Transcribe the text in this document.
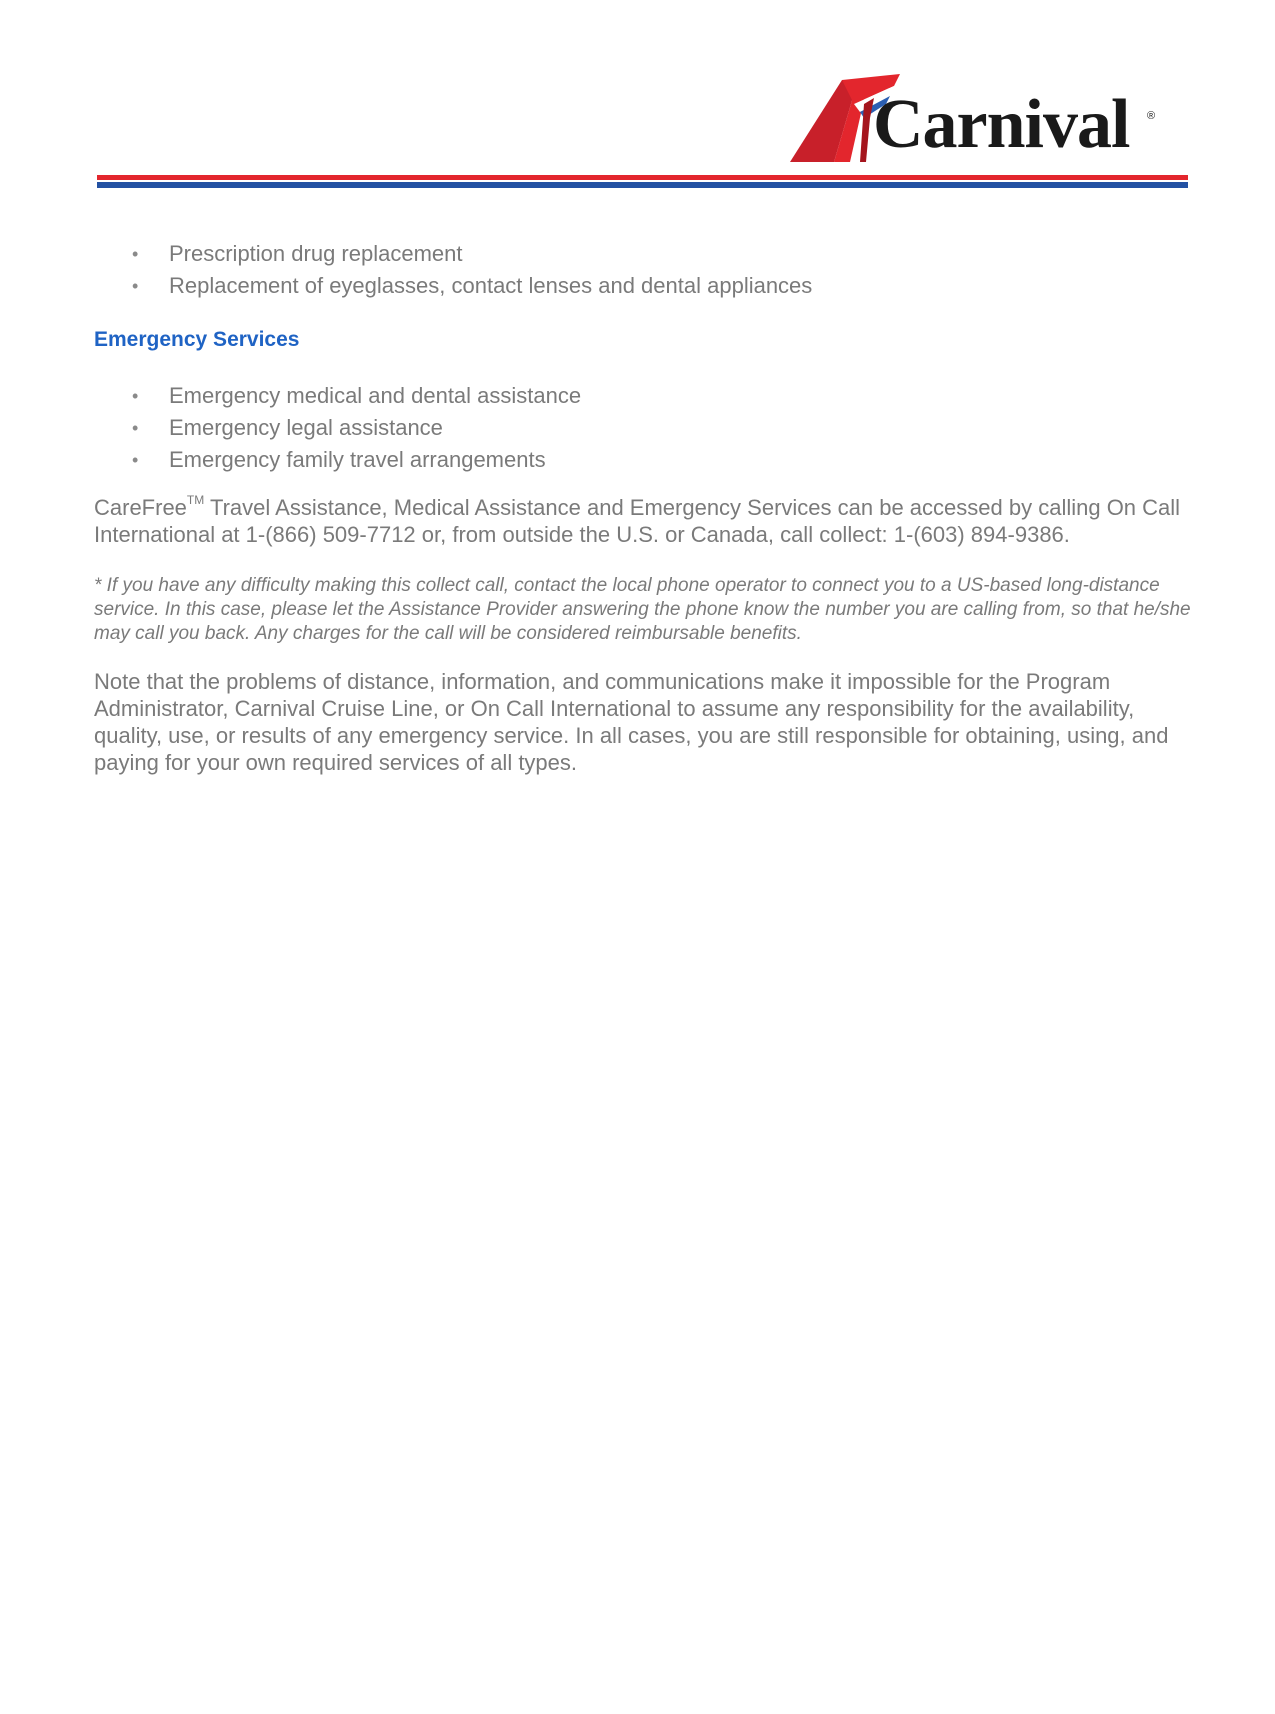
Carnival ®
• Prescription drug replacement
• Replacement of eyeglasses, contact lenses and dental appliances
Emergency Services
• Emergency medical and dental assistance
• Emergency legal assistance
• Emergency family travel arrangements

CareFree™ Travel Assistance, Medical Assistance and Emergency Services can be accessed by calling On Call International at 1-(866) 509-7712 or, from outside the U.S. or Canada, call collect: 1-(603) 894-9386.

* If you have any difficulty making this collect call, contact the local phone operator to connect you to a US-based long-distance service. In this case, please let the Assistance Provider answering the phone know the number you are calling from, so that he/she may call you back. Any charges for the call will be considered reimbursable benefits.

Note that the problems of distance, information, and communications make it impossible for the Program Administrator, Carnival Cruise Line, or On Call International to assume any responsibility for the availability, quality, use, or results of any emergency service. In all cases, you are still responsible for obtaining, using, and paying for your own required services of all types.
